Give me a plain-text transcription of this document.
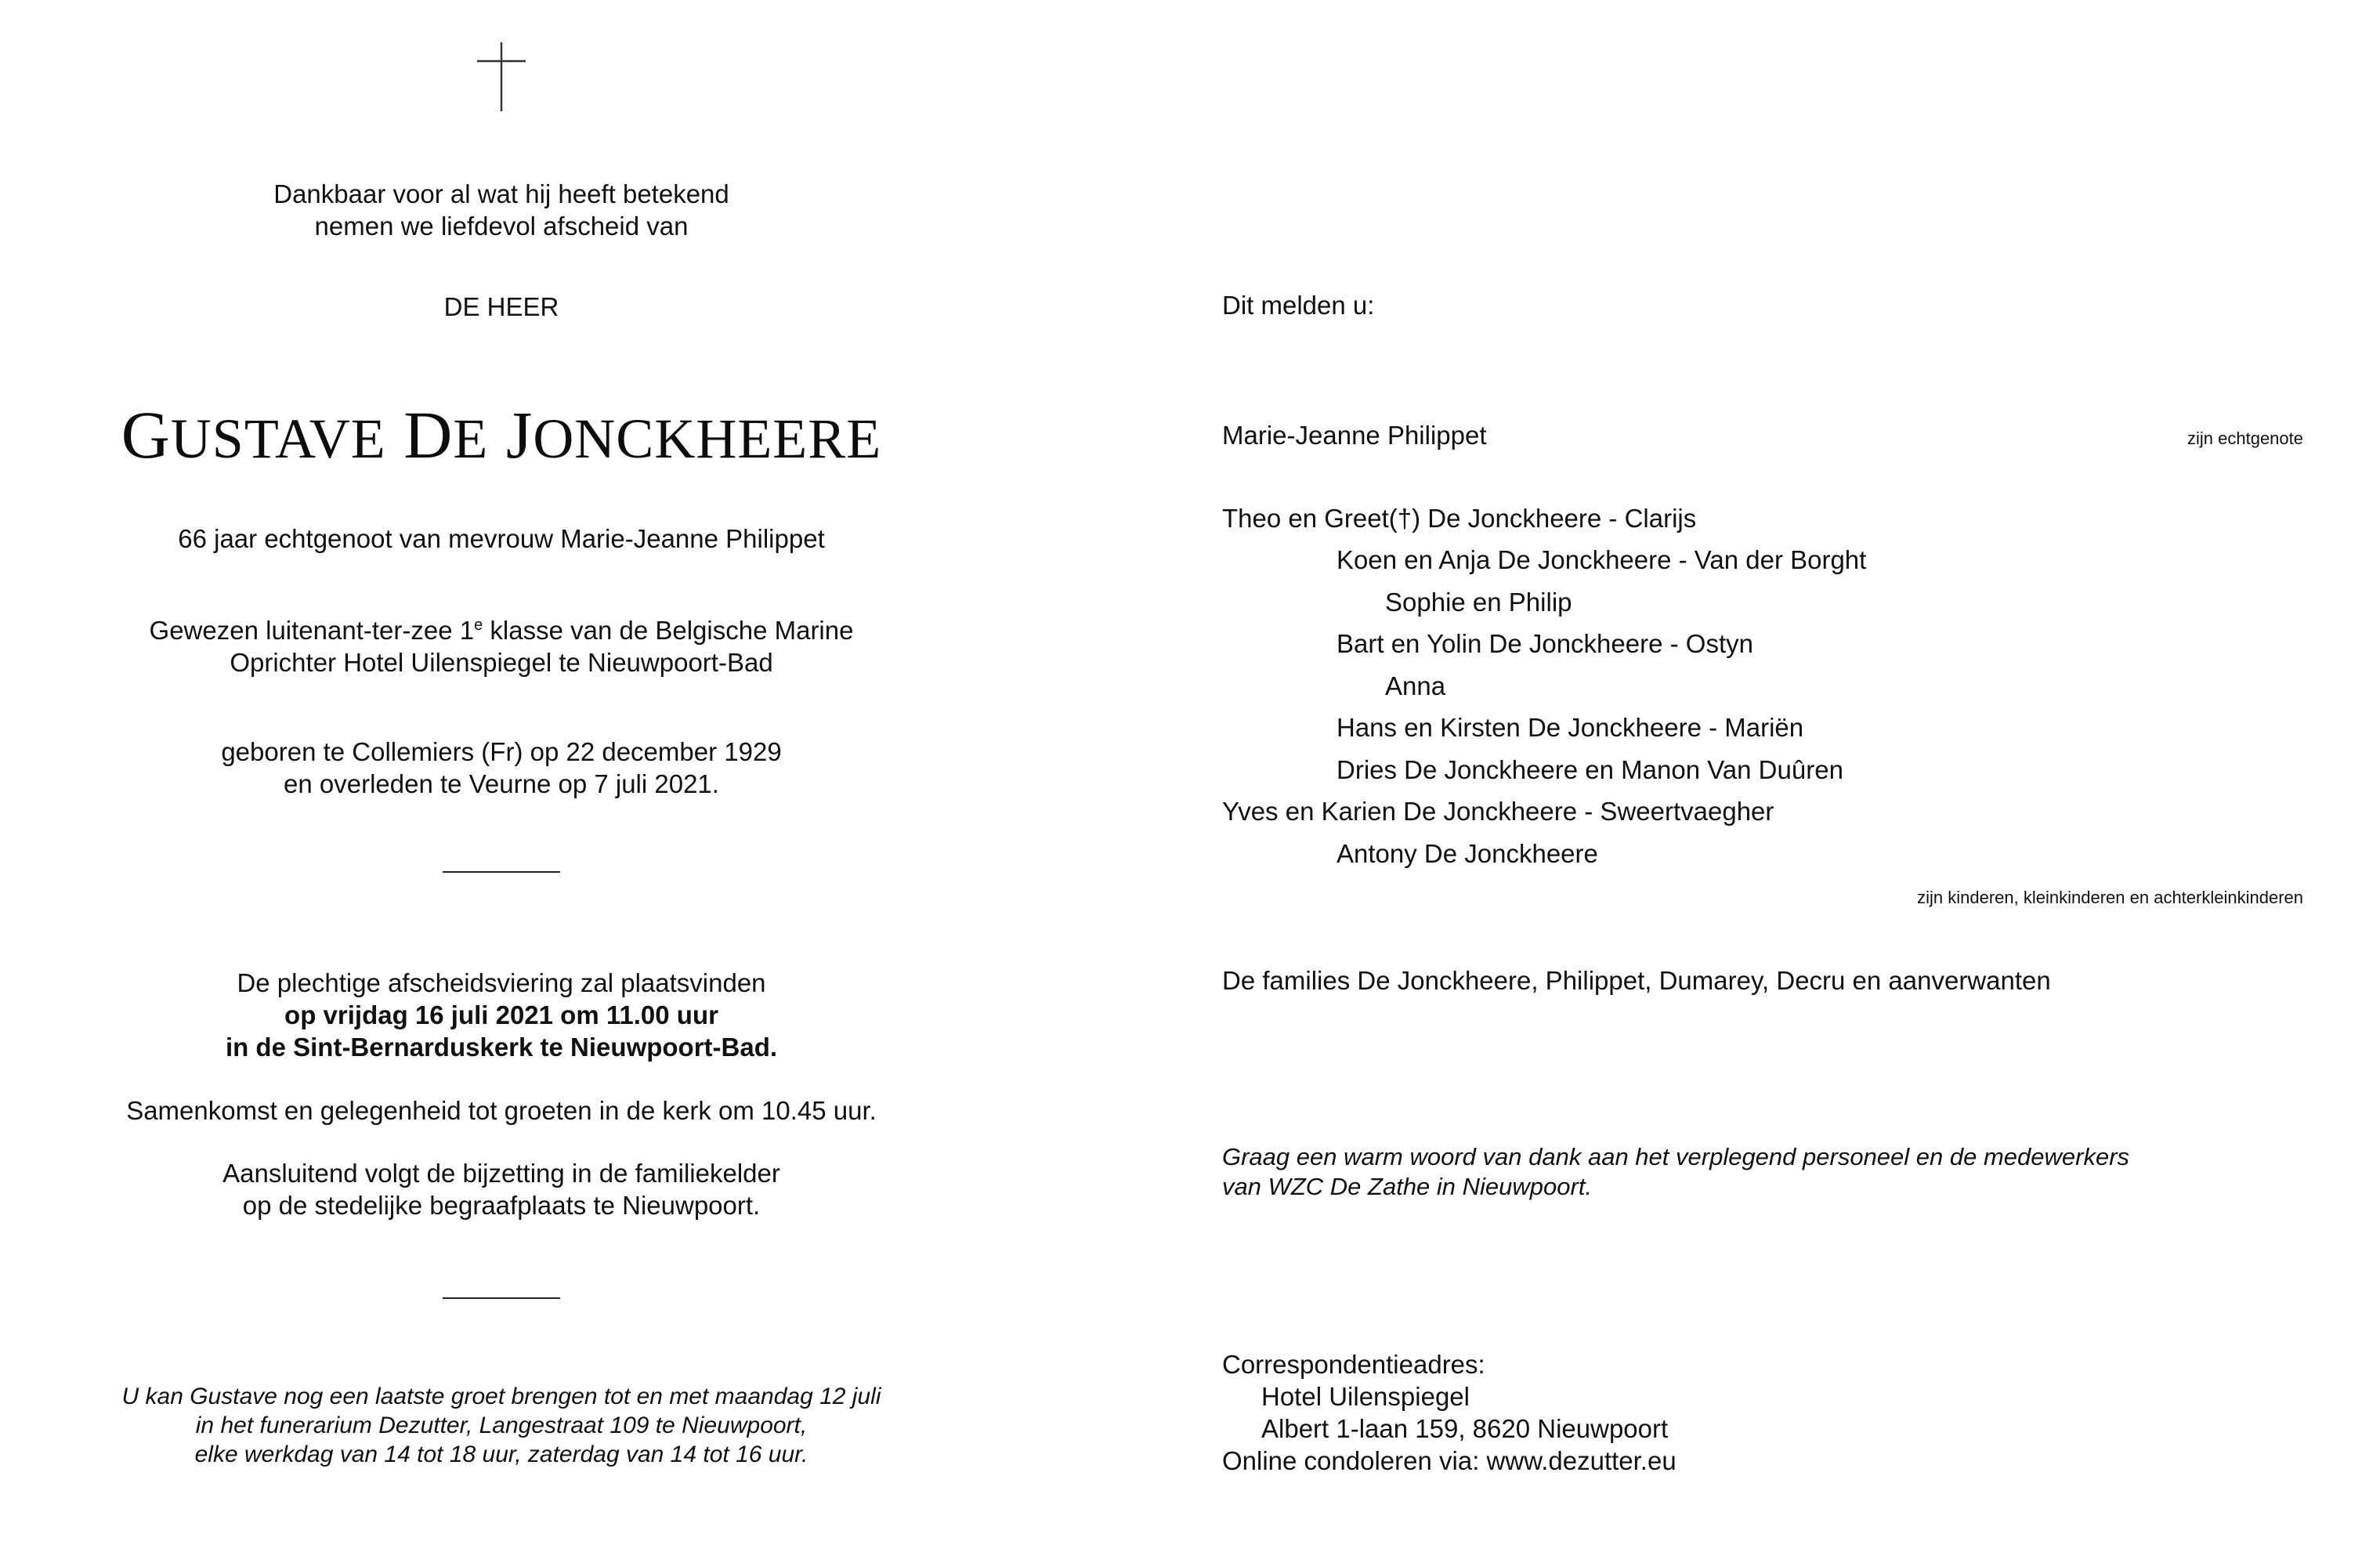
Dankbaar voor al wat hij heeft betekend
nemen we liefdevol afscheid van
DE HEER
GUSTAVE DE JONCKHEERE
66 jaar echtgenoot van mevrouw Marie-Jeanne Philippet
Gewezen luitenant-ter-zee 1e klasse van de Belgische Marine
Oprichter Hotel Uilenspiegel te Nieuwpoort-Bad
geboren te Collemiers (Fr) op 22 december 1929
en overleden te Veurne op 7 juli 2021.
De plechtige afscheidsviering zal plaatsvinden
op vrijdag 16 juli 2021 om 11.00 uur
in de Sint-Bernarduskerk te Nieuwpoort-Bad.
Samenkomst en gelegenheid tot groeten in de kerk om 10.45 uur.
Aansluitend volgt de bijzetting in de familiekelder
op de stedelijke begraafplaats te Nieuwpoort.
U kan Gustave nog een laatste groet brengen tot en met maandag 12 juli
in het funerarium Dezutter, Langestraat 109 te Nieuwpoort,
elke werkdag van 14 tot 18 uur, zaterdag van 14 tot 16 uur.
Dit melden u:
Marie-Jeanne Philippet	zijn echtgenote
Theo en Greet(†) De Jonckheere - Clarijs
Koen en Anja De Jonckheere - Van der Borght
Sophie en Philip
Bart en Yolin De Jonckheere - Ostyn
Anna
Hans en Kirsten De Jonckheere - Mariën
Dries De Jonckheere en Manon Van Duûren
Yves en Karien De Jonckheere - Sweertvaegher
Antony De Jonckheere
zijn kinderen, kleinkinderen en achterkleinkinderen
De families De Jonckheere, Philippet, Dumarey, Decru en aanverwanten
Graag een warm woord van dank aan het verplegend personeel en de medewerkers
van WZC De Zathe in Nieuwpoort.
Correspondentieadres:
Hotel Uilenspiegel
Albert 1-laan 159, 8620 Nieuwpoort
Online condoleren via: www.dezutter.eu
